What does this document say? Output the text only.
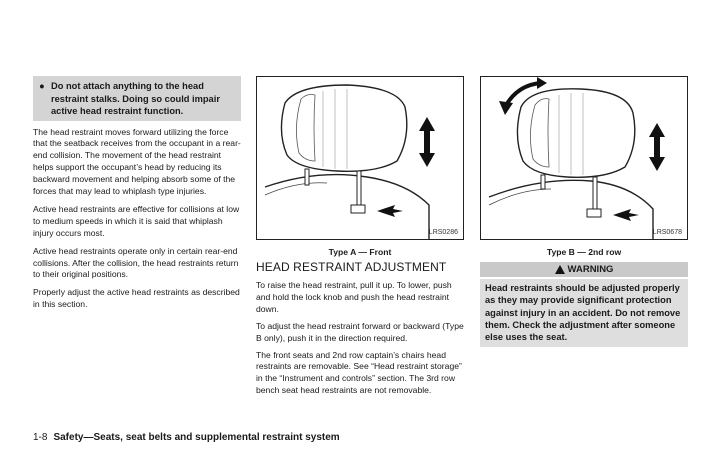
● Do not attach anything to the head restraint stalks. Doing so could impair active head restraint function.

The head restraint moves forward utilizing the force that the seatback receives from the occupant in a rear-end collision. The movement of the head restraint helps support the occupant’s head by reducing its backward movement and helping absorb some of the forces that may lead to whiplash type injuries.

Active head restraints are effective for collisions at low to medium speeds in which it is said that whiplash injury occurs most.

Active head restraints operate only in certain rear-end collisions. After the collision, the head restraints return to their original positions.

Properly adjust the active head restraints as described in this section.

LRS0286
Type A — Front
HEAD RESTRAINT ADJUSTMENT

To raise the head restraint, pull it up. To lower, push and hold the lock knob and push the head restraint down.

To adjust the head restraint forward or backward (Type B only), push it in the direction required.

The front seats and 2nd row captain’s chairs head restraints are removable. See “Head restraint storage” in the “Instrument and controls” section. The 3rd row bench seat head restraints are not removable.

LRS0678
Type B — 2nd row
WARNING
Head restraints should be adjusted properly as they may provide significant protection against injury in an accident. Do not remove them. Check the adjustment after someone else uses the seat.
1-8 Safety—Seats, seat belts and supplemental restraint system
